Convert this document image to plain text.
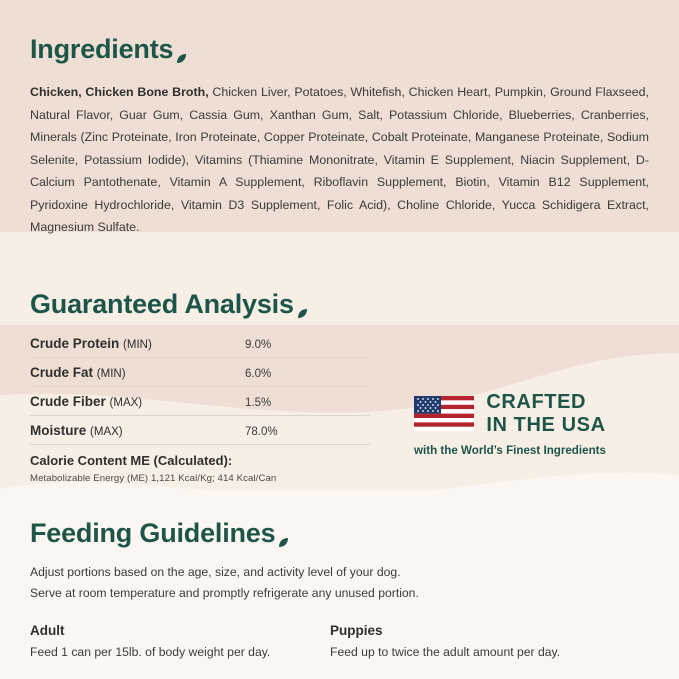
Ingredients

Chicken, Chicken Bone Broth, Chicken Liver, Potatoes, Whitefish, Chicken Heart, Pumpkin, Ground Flaxseed, Natural Flavor, Guar Gum, Cassia Gum, Xanthan Gum, Salt, Potassium Chloride, Blueberries, Cranberries, Minerals (Zinc Proteinate, Iron Proteinate, Copper Proteinate, Cobalt Proteinate, Manganese Proteinate, Sodium Selenite, Potassium Iodide), Vitamins (Thiamine Mononitrate, Vitamin E Supplement, Niacin Supplement, D-Calcium Pantothenate, Vitamin A Supplement, Riboflavin Supplement, Biotin, Vitamin B12 Supplement, Pyridoxine Hydrochloride, Vitamin D3 Supplement, Folic Acid), Choline Chloride, Yucca Schidigera Extract, Magnesium Sulfate.

Guaranteed Analysis
Crude Protein (MIN)	9.0%
Crude Fat (MIN)	6.0%
Crude Fiber (MAX)	1.5%
Moisture (MAX)	78.0%
Calorie Content ME (Calculated):
Metabolizable Energy (ME) 1,121 Kcal/Kg; 414 Kcal/Can
CRAFTED
IN THE USA
with the World’s Finest Ingredients
Feeding Guidelines
Adjust portions based on the age, size, and activity level of your dog.
Serve at room temperature and promptly refrigerate any unused portion.
Adult
Feed 1 can per 15lb. of body weight per day.
Puppies
Feed up to twice the adult amount per day.
